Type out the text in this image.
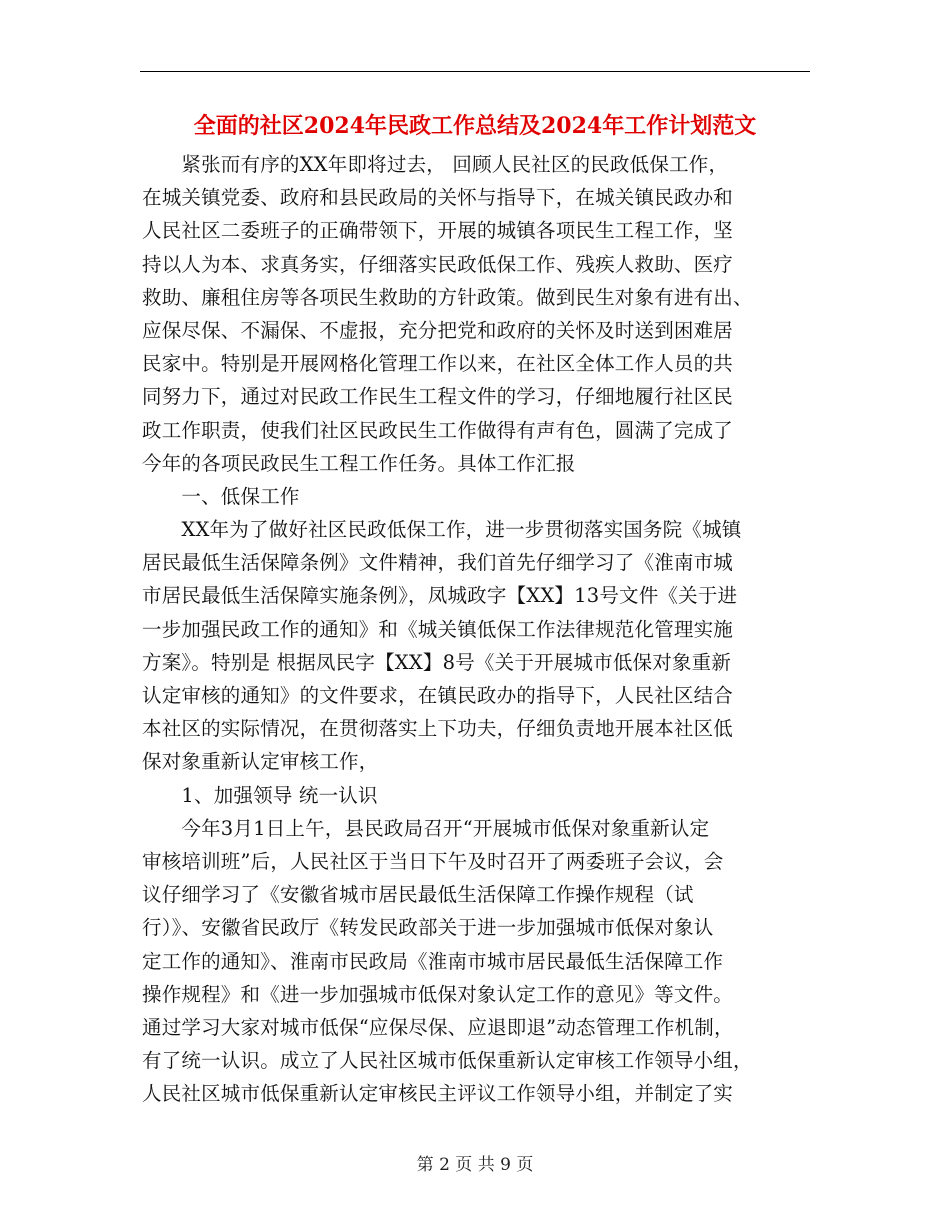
全面的社区2024年民政工作总结及2024年工作计划范文
　　紧张而有序的XX年即将过去， 回顾人民社区的民政低保工作，
在城关镇党委、政府和县民政局的关怀与指导下，在城关镇民政办和
人民社区二委班子的正确带领下，开展的城镇各项民生工程工作，坚
持以人为本、求真务实，仔细落实民政低保工作、残疾人救助、医疗
救助、廉租住房等各项民生救助的方针政策。做到民生对象有进有出、
应保尽保、不漏保、不虚报，充分把党和政府的关怀及时送到困难居
民家中。特别是开展网格化管理工作以来，在社区全体工作人员的共
同努力下，通过对民政工作民生工程文件的学习，仔细地履行社区民
政工作职责，使我们社区民政民生工作做得有声有色，圆满了完成了
今年的各项民政民生工程工作任务。具体工作汇报
　　一、低保工作
　　XX年为了做好社区民政低保工作，进一步贯彻落实国务院《城镇
居民最低生活保障条例》文件精神，我们首先仔细学习了《淮南市城
市居民最低生活保障实施条例》，凤城政字【XX】13号文件《关于进
一步加强民政工作的通知》和《城关镇低保工作法律规范化管理实施
方案》。特别是 根据凤民字【XX】8号《关于开展城市低保对象重新
认定审核的通知》的文件要求，在镇民政办的指导下，人民社区结合
本社区的实际情况，在贯彻落实上下功夫，仔细负责地开展本社区低
保对象重新认定审核工作，
　　1、加强领导 统一认识
　　今年3月1日上午，县民政局召开“开展城市低保对象重新认定
审核培训班”后，人民社区于当日下午及时召开了两委班子会议，会
议仔细学习了《安徽省城市居民最低生活保障工作操作规程（试
行）》、安徽省民政厅《转发民政部关于进一步加强城市低保对象认
定工作的通知》、淮南市民政局《淮南市城市居民最低生活保障工作
操作规程》和《进一步加强城市低保对象认定工作的意见》等文件。
通过学习大家对城市低保“应保尽保、应退即退”动态管理工作机制，
有了统一认识。成立了人民社区城市低保重新认定审核工作领导小组，
人民社区城市低保重新认定审核民主评议工作领导小组，并制定了实
第 2 页 共 9 页
